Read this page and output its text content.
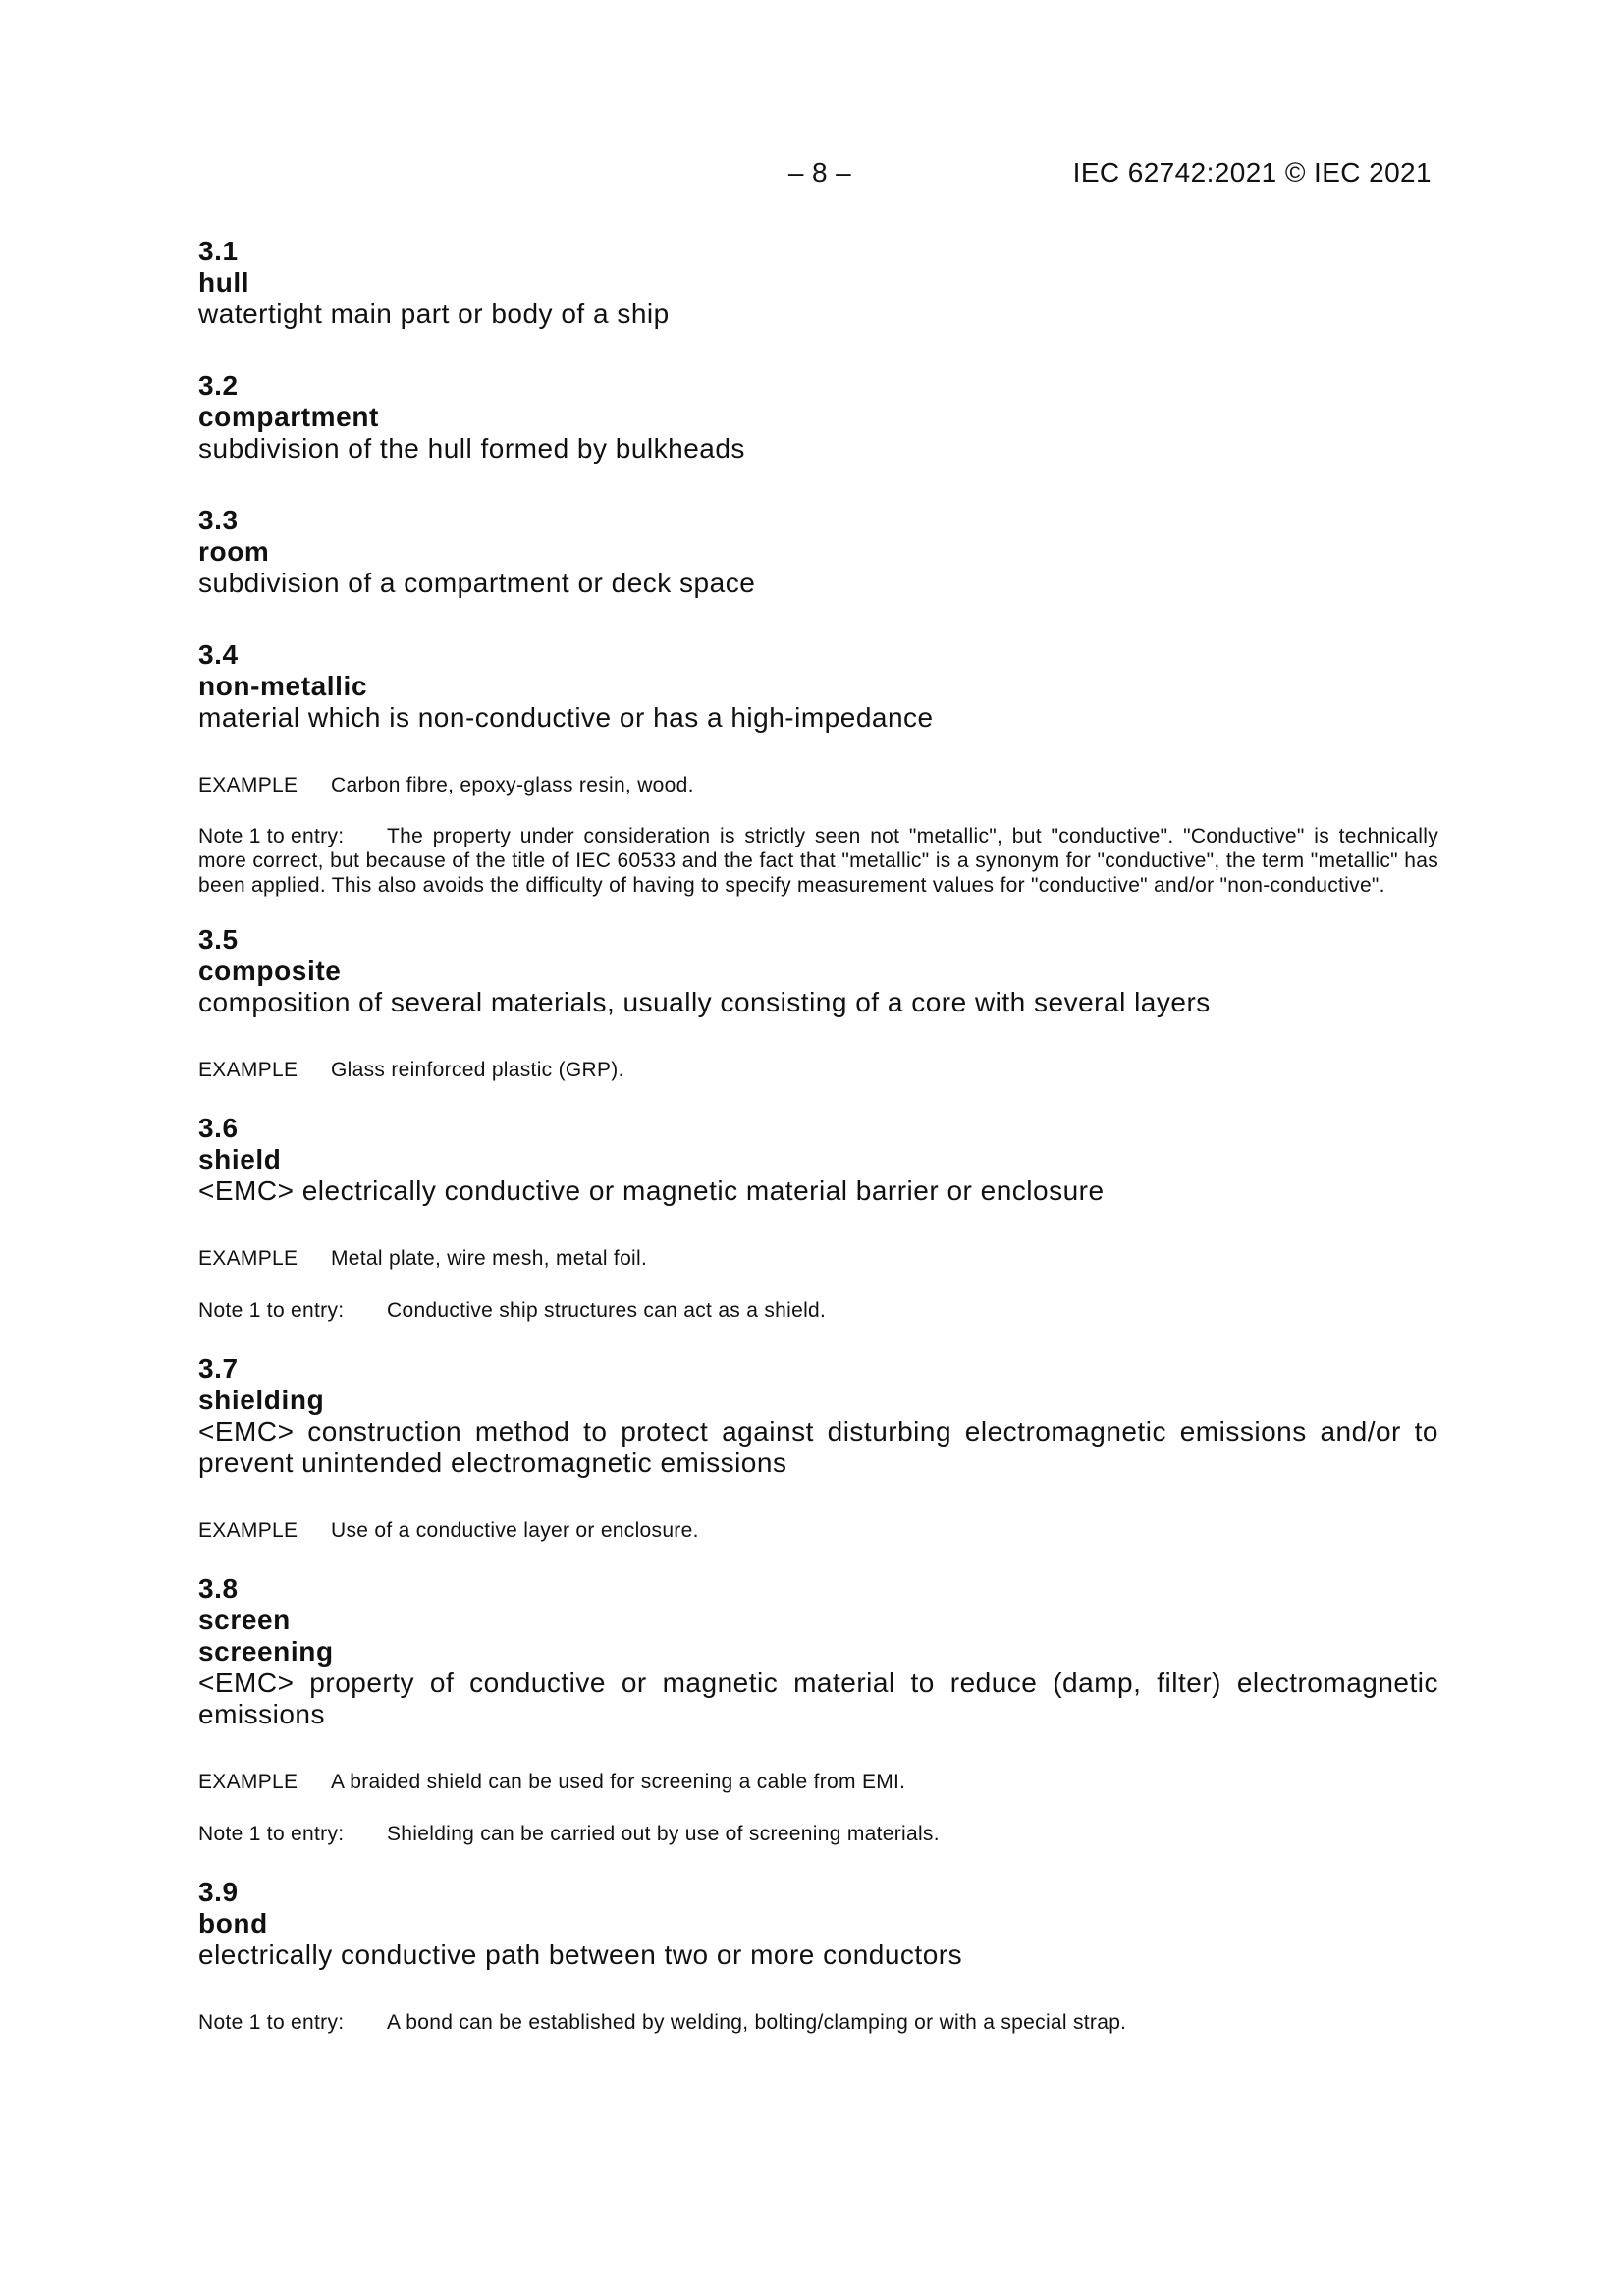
– 8 –	IEC 62742:2021 © IEC 2021
3.1
hull
watertight main part or body of a ship
3.2
compartment
subdivision of the hull formed by bulkheads
3.3
room
subdivision of a compartment or deck space
3.4
non-metallic
material which is non-conductive or has a high-impedance
EXAMPLE Carbon fibre, epoxy-glass resin, wood.
Note 1 to entry: The property under consideration is strictly seen not "metallic", but "conductive". "Conductive" is technically more correct, but because of the title of IEC 60533 and the fact that "metallic" is a synonym for "conductive", the term "metallic" has been applied. This also avoids the difficulty of having to specify measurement values for "conductive" and/or "non-conductive".
3.5
composite
composition of several materials, usually consisting of a core with several layers
EXAMPLE Glass reinforced plastic (GRP).
3.6
shield
<EMC> electrically conductive or magnetic material barrier or enclosure
EXAMPLE Metal plate, wire mesh, metal foil.
Note 1 to entry: Conductive ship structures can act as a shield.
3.7
shielding
<EMC> construction method to protect against disturbing electromagnetic emissions and/or to prevent unintended electromagnetic emissions
EXAMPLE Use of a conductive layer or enclosure.
3.8
screen
screening
<EMC> property of conductive or magnetic material to reduce (damp, filter) electromagnetic emissions
EXAMPLE A braided shield can be used for screening a cable from EMI.
Note 1 to entry: Shielding can be carried out by use of screening materials.
3.9
bond
electrically conductive path between two or more conductors
Note 1 to entry: A bond can be established by welding, bolting/clamping or with a special strap.
